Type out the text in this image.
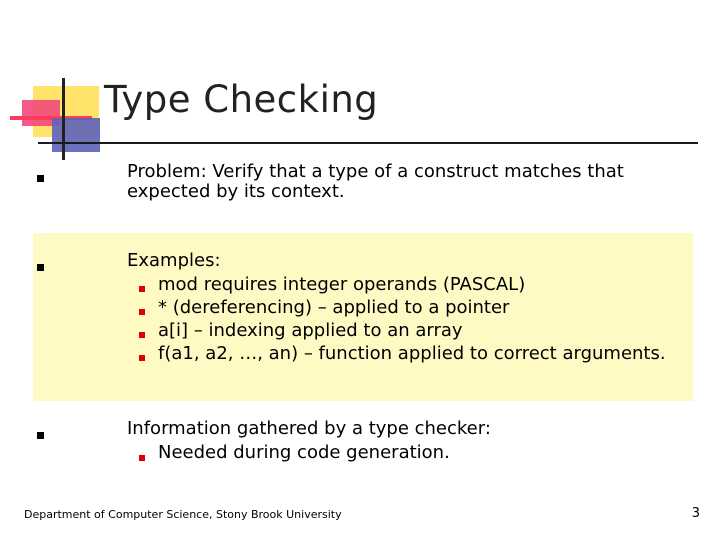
Type Checking
Problem: Verify that a type of a construct matches that
expected by its context.
Examples:
mod requires integer operands (PASCAL)
* (dereferencing) – applied to a pointer
a[i] – indexing applied to an array
f(a1, a2, …, an) – function applied to correct arguments.
Information gathered by a type checker:
Needed during code generation.
Department of Computer Science, Stony Brook University	3
